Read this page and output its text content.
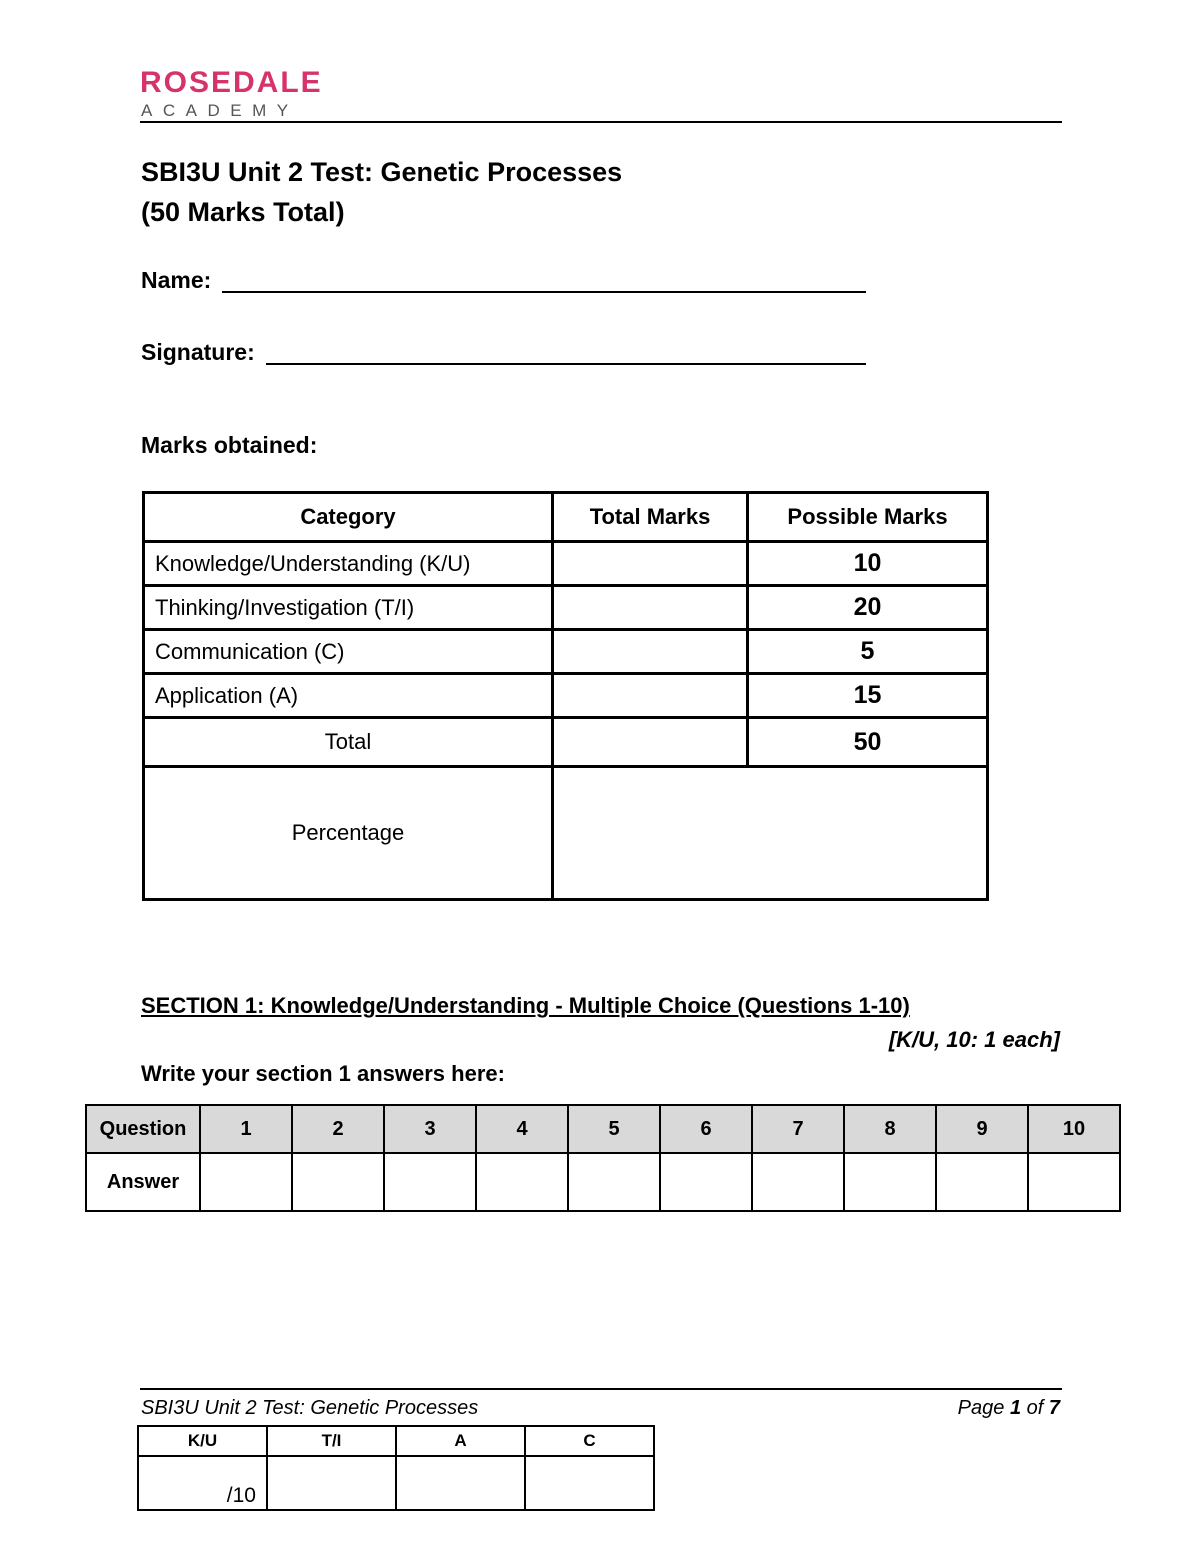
ROSEDALE
ACADEMY
SBI3U Unit 2 Test: Genetic Processes
(50 Marks Total)
Name:
Signature:
Marks obtained:
Category	Total Marks	Possible Marks
Knowledge/Understanding (K/U)		10
Thinking/Investigation (T/I)		20
Communication (C)		5
Application (A)		15
Total		50
Percentage		
SECTION 1: Knowledge/Understanding - Multiple Choice (Questions 1-10)
[K/U, 10: 1 each]
Write your section 1 answers here:
Question	1	2	3	4	5	6	7	8	9	10
Answer										
SBI3U Unit 2 Test: Genetic Processes	Page 1 of 7
K/U	T/I	A	C
/10			
